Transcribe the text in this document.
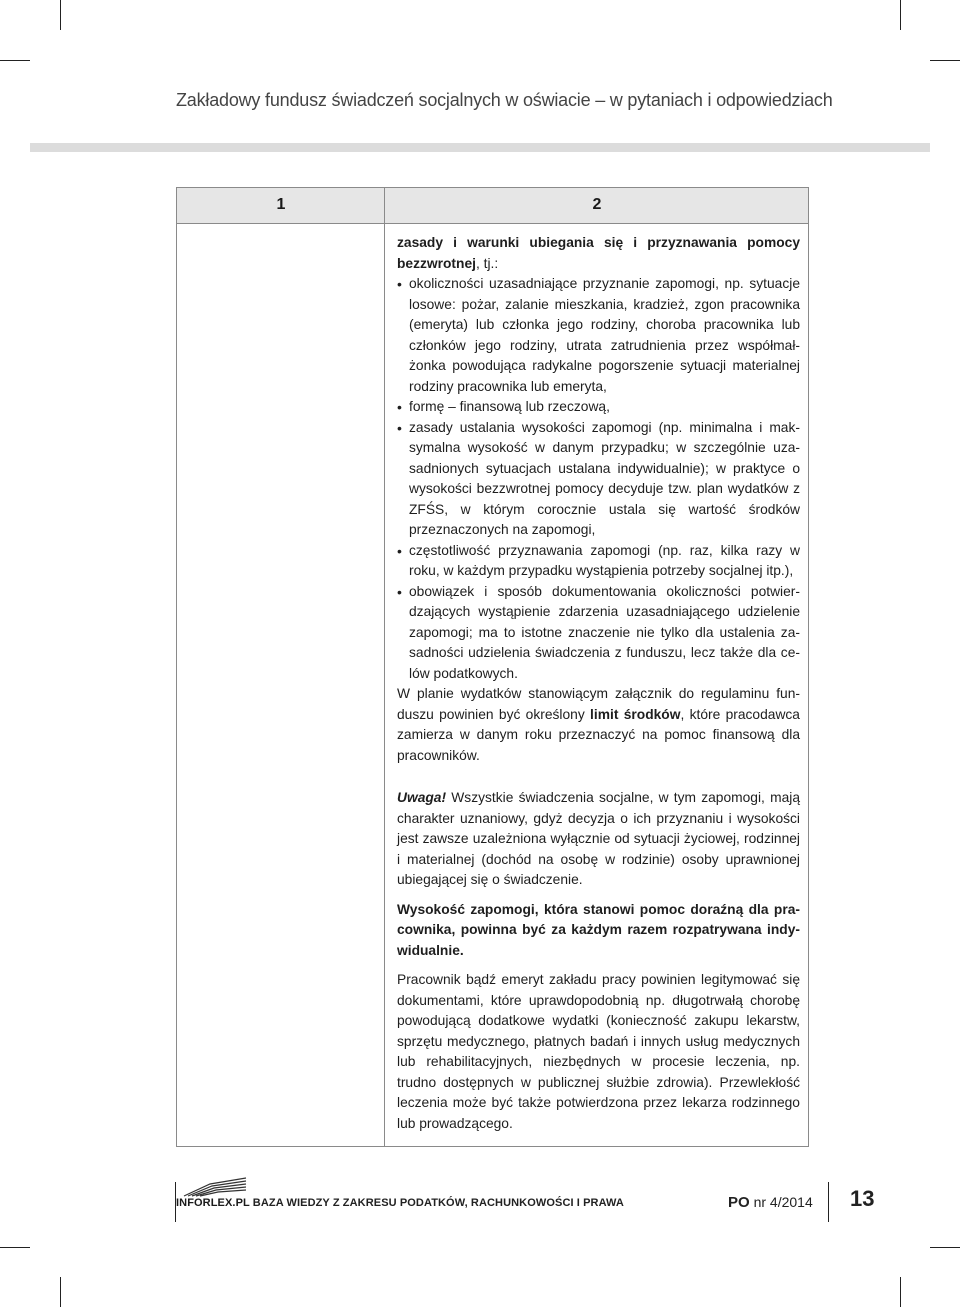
Zakładowy fundusz świadczeń socjalnych w oświacie – w pytaniach i odpowiedziach
1	2

zasady i warunki ubiegania się i przyznawania pomocy bezzwrotnej, tj.:

• okoliczności uzasadniające przyznanie zapomogi, np. sytuacje losowe: pożar, zalanie mieszkania, kradzież, zgon pracownika (emeryta) lub członka jego rodziny, choroba pracownika lub członków jego rodziny, utrata zatrudnienia przez współmałżonka powodująca radykalne pogorszenie sytuacji materialnej rodziny pracownika lub emeryta,
• formę – finansową lub rzeczową,
• zasady ustalania wysokości zapomogi (np. minimalna i maksymalna wysokość w danym przypadku; w szczególnie uzasadnionych sytuacjach ustalana indywidualnie); w praktyce o wysokości bezzwrotnej pomocy decyduje tzw. plan wydatków z ZFŚS, w którym corocznie ustala się wartość środków przeznaczonych na zapomogi,
• częstotliwość przyznawania zapomogi (np. raz, kilka razy w roku, w każdym przypadku wystąpienia potrzeby socjalnej itp.),
• obowiązek i sposób dokumentowania okoliczności potwierdzających wystąpienie zdarzenia uzasadniającego udzielenie zapomogi; ma to istotne znaczenie nie tylko dla ustalenia zasadności udzielenia świadczenia z funduszu, lecz także dla celów podatkowych.

W planie wydatków stanowiącym załącznik do regulaminu funduszu powinien być określony limit środków, które pracodawca zamierza w danym roku przeznaczyć na pomoc finansową dla pracowników.

Uwaga! Wszystkie świadczenia socjalne, w tym zapomogi, mają charakter uznaniowy, gdyż decyzja o ich przyznaniu i wysokości jest zawsze uzależniona wyłącznie od sytuacji życiowej, rodzinnej i materialnej (dochód na osobę w rodzinie) osoby uprawnionej ubiegającej się o świadczenie.

Wysokość zapomogi, która stanowi pomoc doraźną dla pracownika, powinna być za każdym razem rozpatrywana indywidualnie.

Pracownik bądź emeryt zakładu pracy powinien legitymować się dokumentami, które uprawdopodobnią np. długotrwałą chorobę powodującą dodatkowe wydatki (konieczność zakupu lekarstw, sprzętu medycznego, płatnych badań i innych usług medycznych lub rehabilitacyjnych, niezbędnych w procesie leczenia, np. trudno dostępnych w publicznej służbie zdrowia). Przewlekłość leczenia może być także potwierdzona przez lekarza rodzinnego lub prowadzącego.

INFORLEX.PL BAZA WIEDZY Z ZAKRESU PODATKÓW, RACHUNKOWOŚCI I PRAWA	PO nr 4/2014 13
